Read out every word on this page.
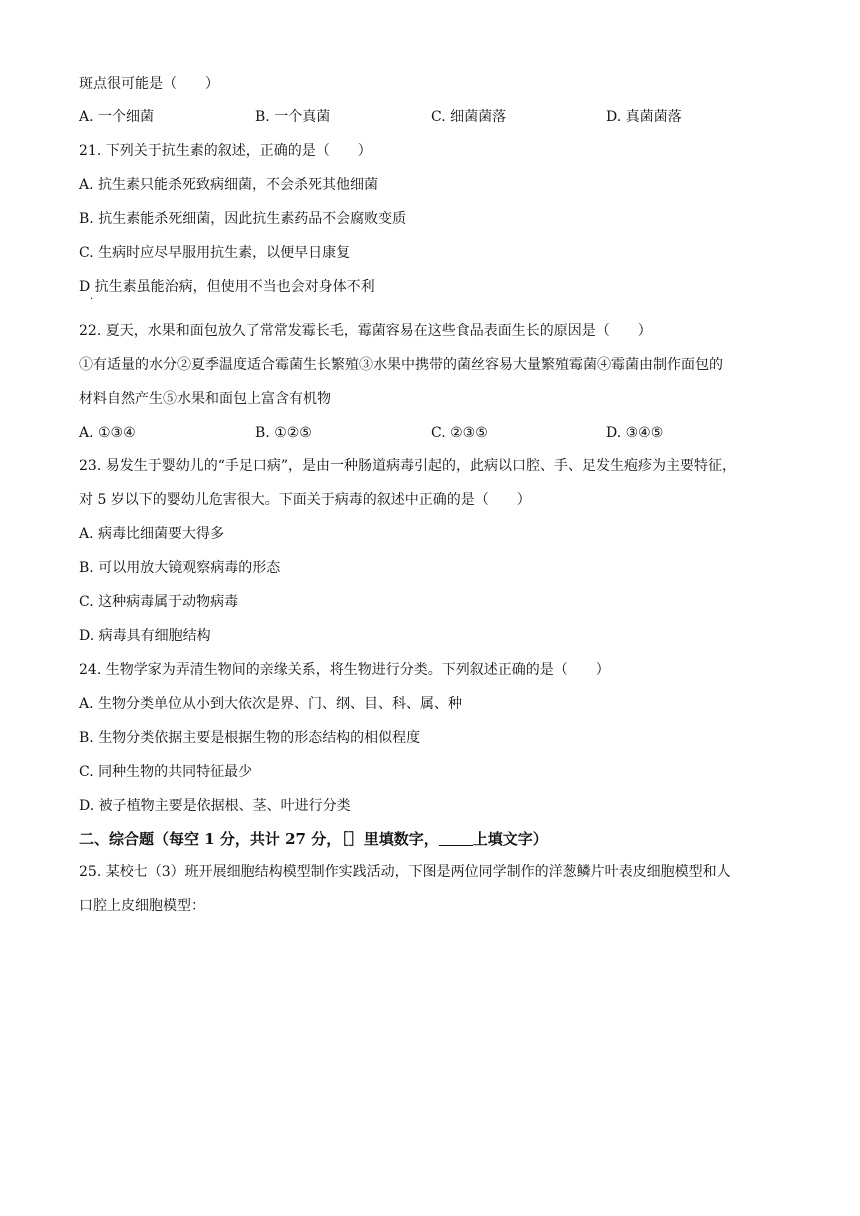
斑点很可能是（　　）
A. 一个细菌	B. 一个真菌	C. 细菌菌落	D. 真菌菌落
21. 下列关于抗生素的叙述，正确的是（　　）
A. 抗生素只能杀死致病细菌，不会杀死其他细菌
B. 抗生素能杀死细菌，因此抗生素药品不会腐败变质
C. 生病时应尽早服用抗生素，以便早日康复
D 抗生素虽能治病，但使用不当也会对身体不利
·
22. 夏天，水果和面包放久了常常发霉长毛，霉菌容易在这些食品表面生长的原因是（　　）
①有适量的水分②夏季温度适合霉菌生长繁殖③水果中携带的菌丝容易大量繁殖霉菌④霉菌由制作面包的
材料自然产生⑤水果和面包上富含有机物
A. ①③④	B. ①②⑤	C. ②③⑤	D. ③④⑤
23. 易发生于婴幼儿的“手足口病”，是由一种肠道病毒引起的，此病以口腔、手、足发生疱疹为主要特征，
对 5 岁以下的婴幼儿危害很大。下面关于病毒的叙述中正确的是（　　）
A. 病毒比细菌要大得多
B. 可以用放大镜观察病毒的形态
C. 这种病毒属于动物病毒
D. 病毒具有细胞结构
24. 生物学家为弄清生物间的亲缘关系，将生物进行分类。下列叙述正确的是（　　）
A. 生物分类单位从小到大依次是界、门、纲、目、科、属、种
B. 生物分类依据主要是根据生物的形态结构的相似程度
C. 同种生物的共同特征最少
D. 被子植物主要是依据根、茎、叶进行分类
二、综合题（每空 1 分，共计 27 分，［］里填数字， 上填文字）
25. 某校七（3）班开展细胞结构模型制作实践活动，下图是两位同学制作的洋葱鳞片叶表皮细胞模型和人
口腔上皮细胞模型：
